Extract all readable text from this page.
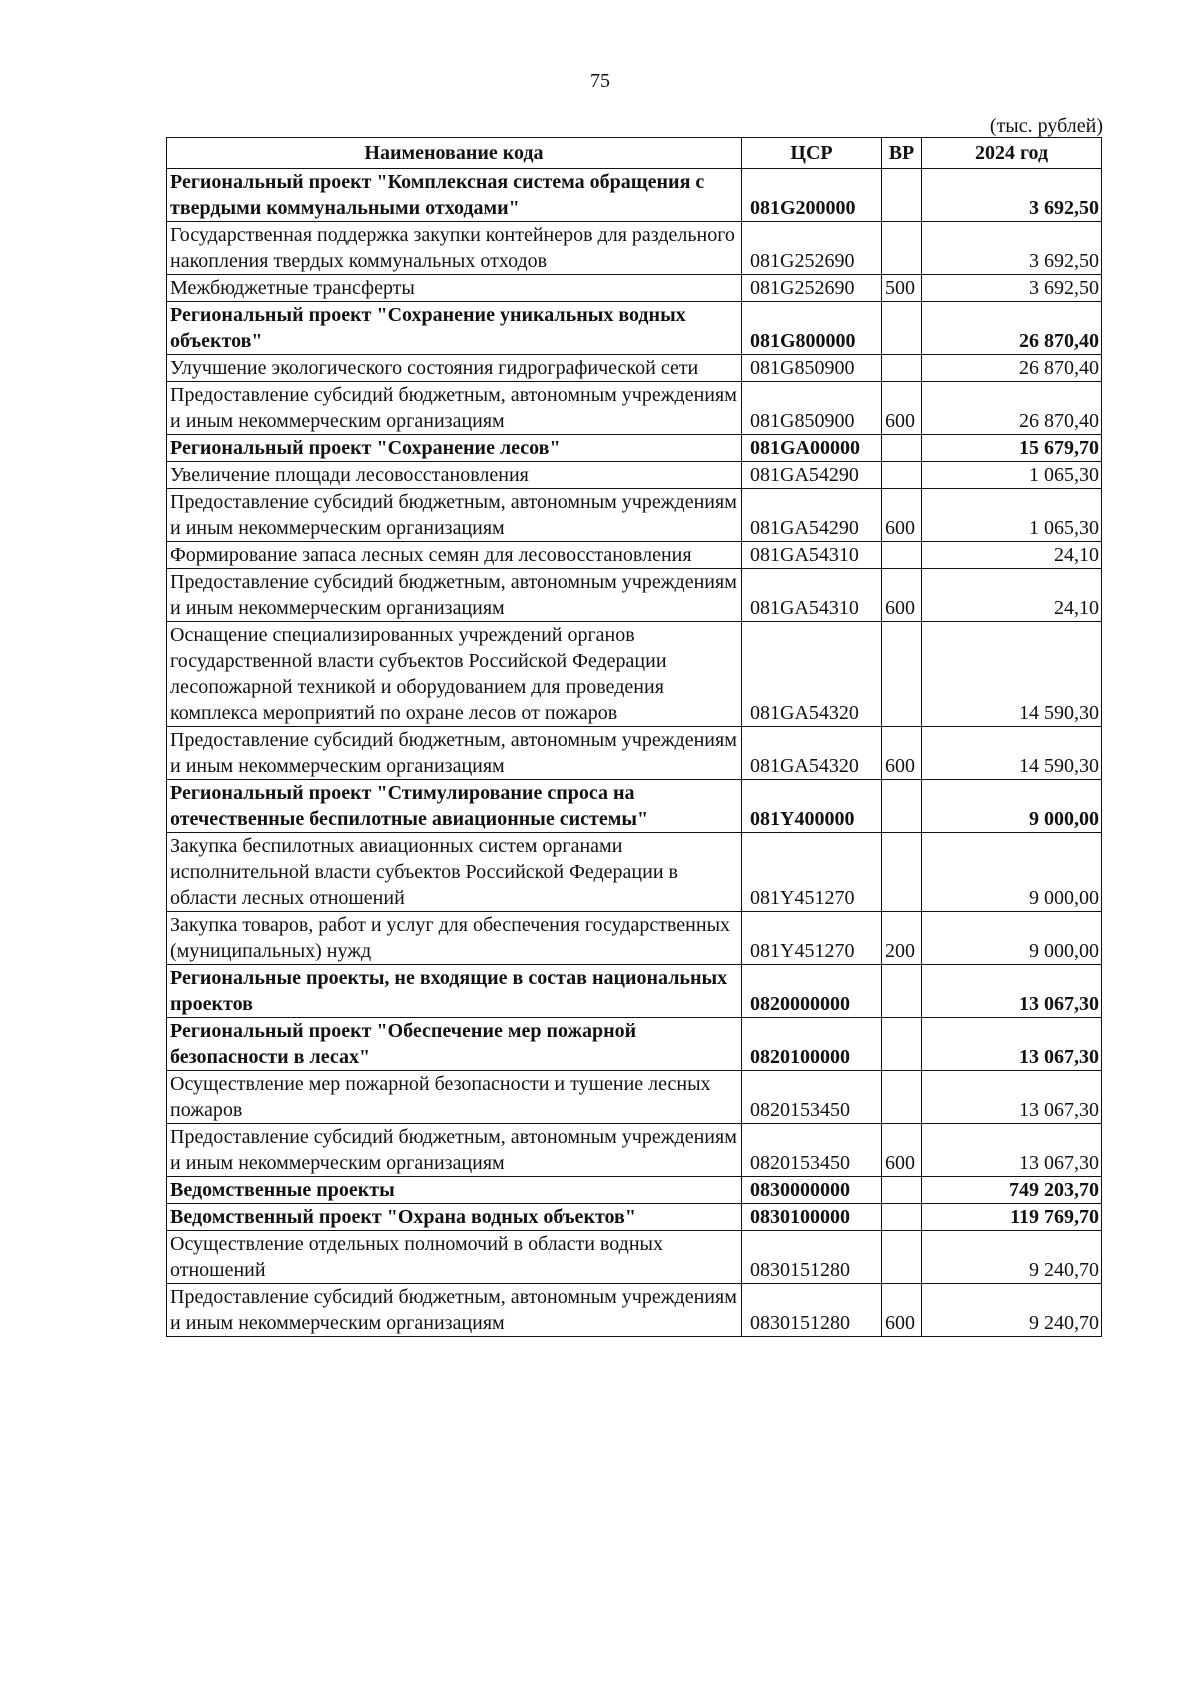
75
(тыс. рублей)
Наименование кода	ЦСР	ВР	2024 год
Региональный проект "Комплексная система обращения с твердыми коммунальными отходами"	081G200000		3 692,50
Государственная поддержка закупки контейнеров для раздельного накопления твердых коммунальных отходов	081G252690		3 692,50
Межбюджетные трансферты	081G252690	500	3 692,50
Региональный проект "Сохранение уникальных водных объектов"	081G800000		26 870,40
Улучшение экологического состояния гидрографической сети	081G850900		26 870,40
Предоставление субсидий бюджетным, автономным учреждениям и иным некоммерческим организациям	081G850900	600	26 870,40
Региональный проект "Сохранение лесов"	081GA00000		15 679,70
Увеличение площади лесовосстановления	081GA54290		1 065,30
Предоставление субсидий бюджетным, автономным учреждениям и иным некоммерческим организациям	081GA54290	600	1 065,30
Формирование запаса лесных семян для лесовосстановления	081GA54310		24,10
Предоставление субсидий бюджетным, автономным учреждениям и иным некоммерческим организациям	081GA54310	600	24,10
Оснащение специализированных учреждений органов государственной власти субъектов Российской Федерации лесопожарной техникой и оборудованием для проведения комплекса мероприятий по охране лесов от пожаров	081GA54320		14 590,30
Предоставление субсидий бюджетным, автономным учреждениям и иным некоммерческим организациям	081GA54320	600	14 590,30
Региональный проект "Стимулирование спроса на отечественные беспилотные авиационные системы"	081Y400000		9 000,00
Закупка беспилотных авиационных систем органами исполнительной власти субъектов Российской Федерации в области лесных отношений	081Y451270		9 000,00
Закупка товаров, работ и услуг для обеспечения государственных (муниципальных) нужд	081Y451270	200	9 000,00
Региональные проекты, не входящие в состав национальных проектов	0820000000		13 067,30
Региональный проект "Обеспечение мер пожарной безопасности в лесах"	0820100000		13 067,30
Осуществление мер пожарной безопасности и тушение лесных пожаров	0820153450		13 067,30
Предоставление субсидий бюджетным, автономным учреждениям и иным некоммерческим организациям	0820153450	600	13 067,30
Ведомственные проекты	0830000000		749 203,70
Ведомственный проект "Охрана водных объектов"	0830100000		119 769,70
Осуществление отдельных полномочий в области водных отношений	0830151280		9 240,70
Предоставление субсидий бюджетным, автономным учреждениям и иным некоммерческим организациям	0830151280	600	9 240,70
